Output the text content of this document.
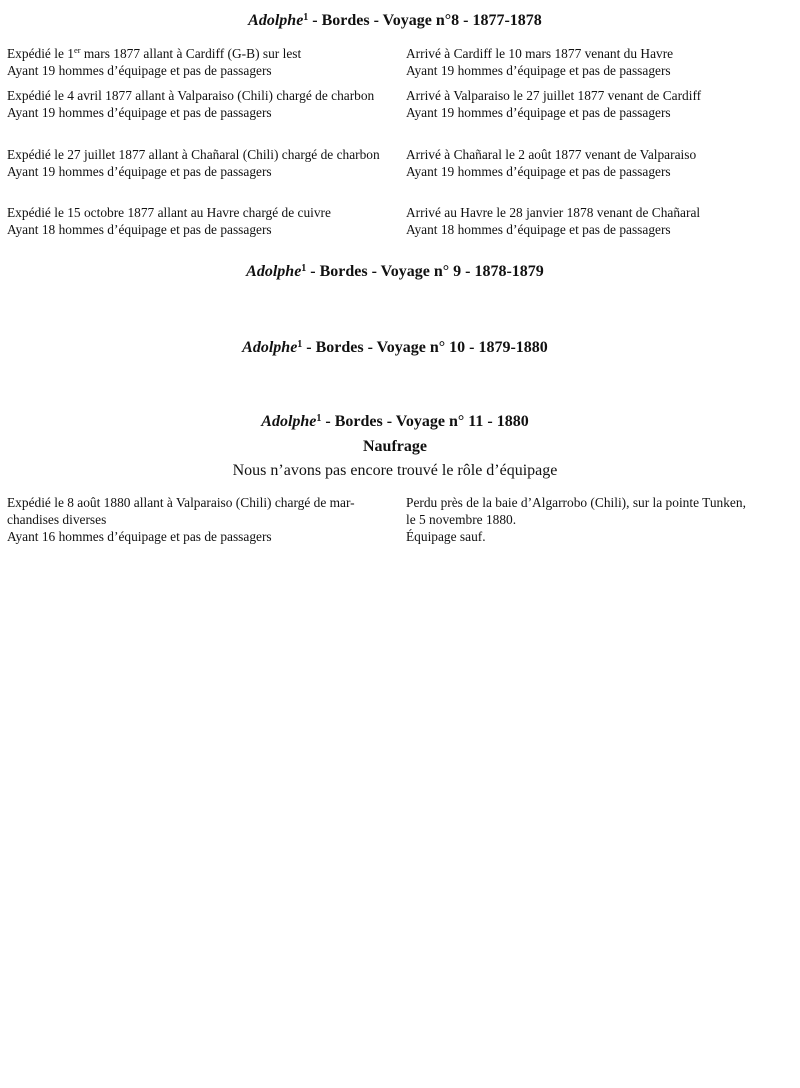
Adolphe$^1$ - Bordes - Voyage n°8 - 1877-1878
Expédié le 1er mars 1877 allant à Cardiff (G-B) sur lest
Ayant 19 hommes d’équipage et pas de passagers
Arrivé à Cardiff le 10 mars 1877 venant du Havre
Ayant 19 hommes d’équipage et pas de passagers
Expédié le 4 avril 1877 allant à Valparaiso (Chili) chargé de charbon
Ayant 19 hommes d’équipage et pas de passagers
Arrivé à Valparaiso le 27 juillet 1877 venant de Cardiff
Ayant 19 hommes d’équipage et pas de passagers
Expédié le 27 juillet 1877 allant à Chañaral (Chili) chargé de charbon
Ayant 19 hommes d’équipage et pas de passagers
Arrivé à Chañaral le 2 août 1877 venant de Valparaiso
Ayant 19 hommes d’équipage et pas de passagers
Expédié le 15 octobre 1877 allant au Havre chargé de cuivre
Ayant 18 hommes d’équipage et pas de passagers
Arrivé au Havre le 28 janvier 1878 venant de Chañaral
Ayant 18 hommes d’équipage et pas de passagers
Adolphe$^1$ - Bordes - Voyage n° 9 - 1878-1879
Adolphe$^1$ - Bordes - Voyage n° 10 - 1879-1880
Adolphe$^1$ - Bordes - Voyage n° 11 - 1880
Naufrage
Nous n’avons pas encore trouvé le rôle d’équipage
Expédié le 8 août 1880 allant à Valparaiso (Chili) chargé de mar-
chandises diverses
Ayant 16 hommes d’équipage et pas de passagers
Perdu près de la baie d’Algarrobo (Chili), sur la pointe Tunken,
le 5 novembre 1880.
Équipage sauf.
